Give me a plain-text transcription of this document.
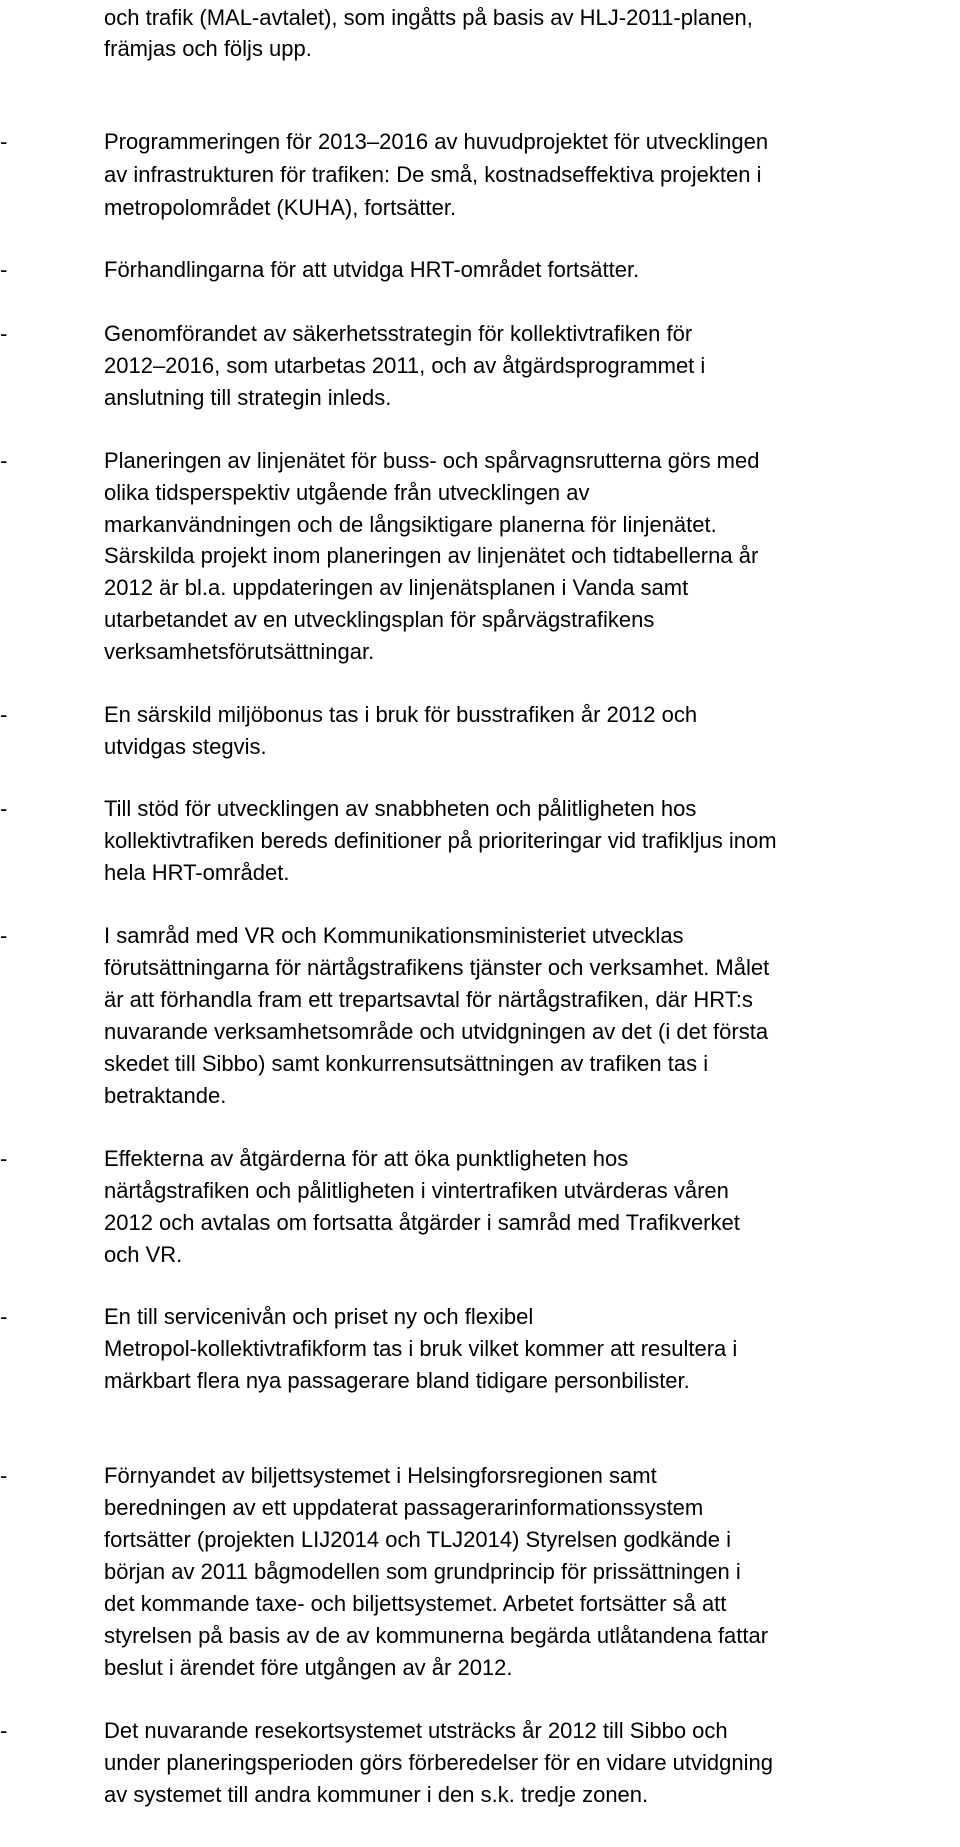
och trafik (MAL-avtalet), som ingåtts på basis av HLJ-2011-planen,
främjas och följs upp.
-	Programmeringen för 2013–2016 av huvudprojektet för utvecklingen
av infrastrukturen för trafiken: De små, kostnadseffektiva projekten i
metropolområdet (KUHA), fortsätter.
-	Förhandlingarna för att utvidga HRT-området fortsätter.
-	Genomförandet av säkerhetsstrategin för kollektivtrafiken för
2012–2016, som utarbetas 2011, och av åtgärdsprogrammet i
anslutning till strategin inleds.
-	Planeringen av linjenätet för buss- och spårvagnsrutterna görs med
olika tidsperspektiv utgående från utvecklingen av
markanvändningen och de långsiktigare planerna för linjenätet.
Särskilda projekt inom planeringen av linjenätet och tidtabellerna år
2012 är bl.a. uppdateringen av linjenätsplanen i Vanda samt
utarbetandet av en utvecklingsplan för spårvägstrafikens
verksamhetsförutsättningar.
-	En särskild miljöbonus tas i bruk för busstrafiken år 2012 och
utvidgas stegvis.
-	Till stöd för utvecklingen av snabbheten och pålitligheten hos
kollektivtrafiken bereds definitioner på prioriteringar vid trafikljus inom
hela HRT-området.
-	I samråd med VR och Kommunikationsministeriet utvecklas
förutsättningarna för närtågstrafikens tjänster och verksamhet. Målet
är att förhandla fram ett trepartsavtal för närtågstrafiken, där HRT:s
nuvarande verksamhetsområde och utvidgningen av det (i det första
skedet till Sibbo) samt konkurrensutsättningen av trafiken tas i
betraktande.
-	Effekterna av åtgärderna för att öka punktligheten hos
närtågstrafiken och pålitligheten i vintertrafiken utvärderas våren
2012 och avtalas om fortsatta åtgärder i samråd med Trafikverket
och VR.
-	En till servicenivån och priset ny och flexibel
Metropol-kollektivtrafikform tas i bruk vilket kommer att resultera i
märkbart flera nya passagerare bland tidigare personbilister.
-	Förnyandet av biljettsystemet i Helsingforsregionen samt
beredningen av ett uppdaterat passagerarinformationssystem
fortsätter (projekten LIJ2014 och TLJ2014) Styrelsen godkände i
början av 2011 bågmodellen som grundprincip för prissättningen i
det kommande taxe- och biljettsystemet. Arbetet fortsätter så att
styrelsen på basis av de av kommunerna begärda utlåtandena fattar
beslut i ärendet före utgången av år 2012.
-	Det nuvarande resekortsystemet utsträcks år 2012 till Sibbo och
under planeringsperioden görs förberedelser för en vidare utvidgning
av systemet till andra kommuner i den s.k. tredje zonen.
